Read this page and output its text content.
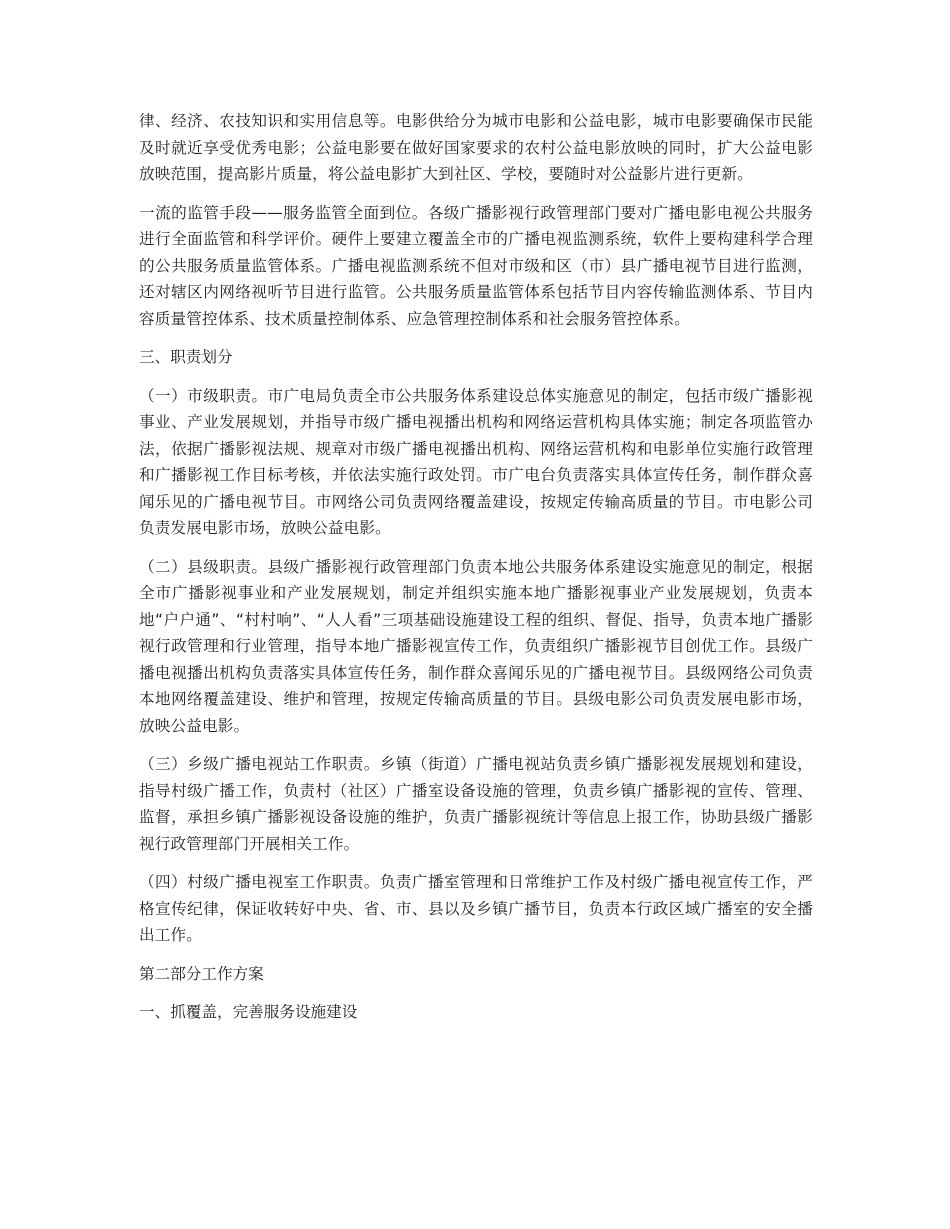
律、经济、农技知识和实用信息等。电影供给分为城市电影和公益电影，城市电影要确保市民能及时就近享受优秀电影；公益电影要在做好国家要求的农村公益电影放映的同时，扩大公益电影放映范围，提高影片质量，将公益电影扩大到社区、学校，要随时对公益影片进行更新。

一流的监管手段——服务监管全面到位。各级广播影视行政管理部门要对广播电影电视公共服务进行全面监管和科学评价。硬件上要建立覆盖全市的广播电视监测系统，软件上要构建科学合理的公共服务质量监管体系。广播电视监测系统不但对市级和区（市）县广播电视节目进行监测，还对辖区内网络视听节目进行监管。公共服务质量监管体系包括节目内容传输监测体系、节目内容质量管控体系、技术质量控制体系、应急管理控制体系和社会服务管控体系。

三、职责划分

（一）市级职责。市广电局负责全市公共服务体系建设总体实施意见的制定，包括市级广播影视事业、产业发展规划，并指导市级广播电视播出机构和网络运营机构具体实施；制定各项监管办法，依据广播影视法规、规章对市级广播电视播出机构、网络运营机构和电影单位实施行政管理和广播影视工作目标考核，并依法实施行政处罚。市广电台负责落实具体宣传任务，制作群众喜闻乐见的广播电视节目。市网络公司负责网络覆盖建设，按规定传输高质量的节目。市电影公司负责发展电影市场，放映公益电影。

（二）县级职责。县级广播影视行政管理部门负责本地公共服务体系建设实施意见的制定，根据全市广播影视事业和产业发展规划，制定并组织实施本地广播影视事业产业发展规划，负责本地“户户通”、“村村响”、“人人看”三项基础设施建设工程的组织、督促、指导，负责本地广播影视行政管理和行业管理，指导本地广播影视宣传工作，负责组织广播影视节目创优工作。县级广播电视播出机构负责落实具体宣传任务，制作群众喜闻乐见的广播电视节目。县级网络公司负责本地网络覆盖建设、维护和管理，按规定传输高质量的节目。县级电影公司负责发展电影市场，放映公益电影。

（三）乡级广播电视站工作职责。乡镇（街道）广播电视站负责乡镇广播影视发展规划和建设，指导村级广播工作，负责村（社区）广播室设备设施的管理，负责乡镇广播影视的宣传、管理、监督，承担乡镇广播影视设备设施的维护，负责广播影视统计等信息上报工作，协助县级广播影视行政管理部门开展相关工作。

（四）村级广播电视室工作职责。负责广播室管理和日常维护工作及村级广播电视宣传工作，严格宣传纪律，保证收转好中央、省、市、县以及乡镇广播节目，负责本行政区域广播室的安全播出工作。

第二部分工作方案

一、抓覆盖，完善服务设施建设
